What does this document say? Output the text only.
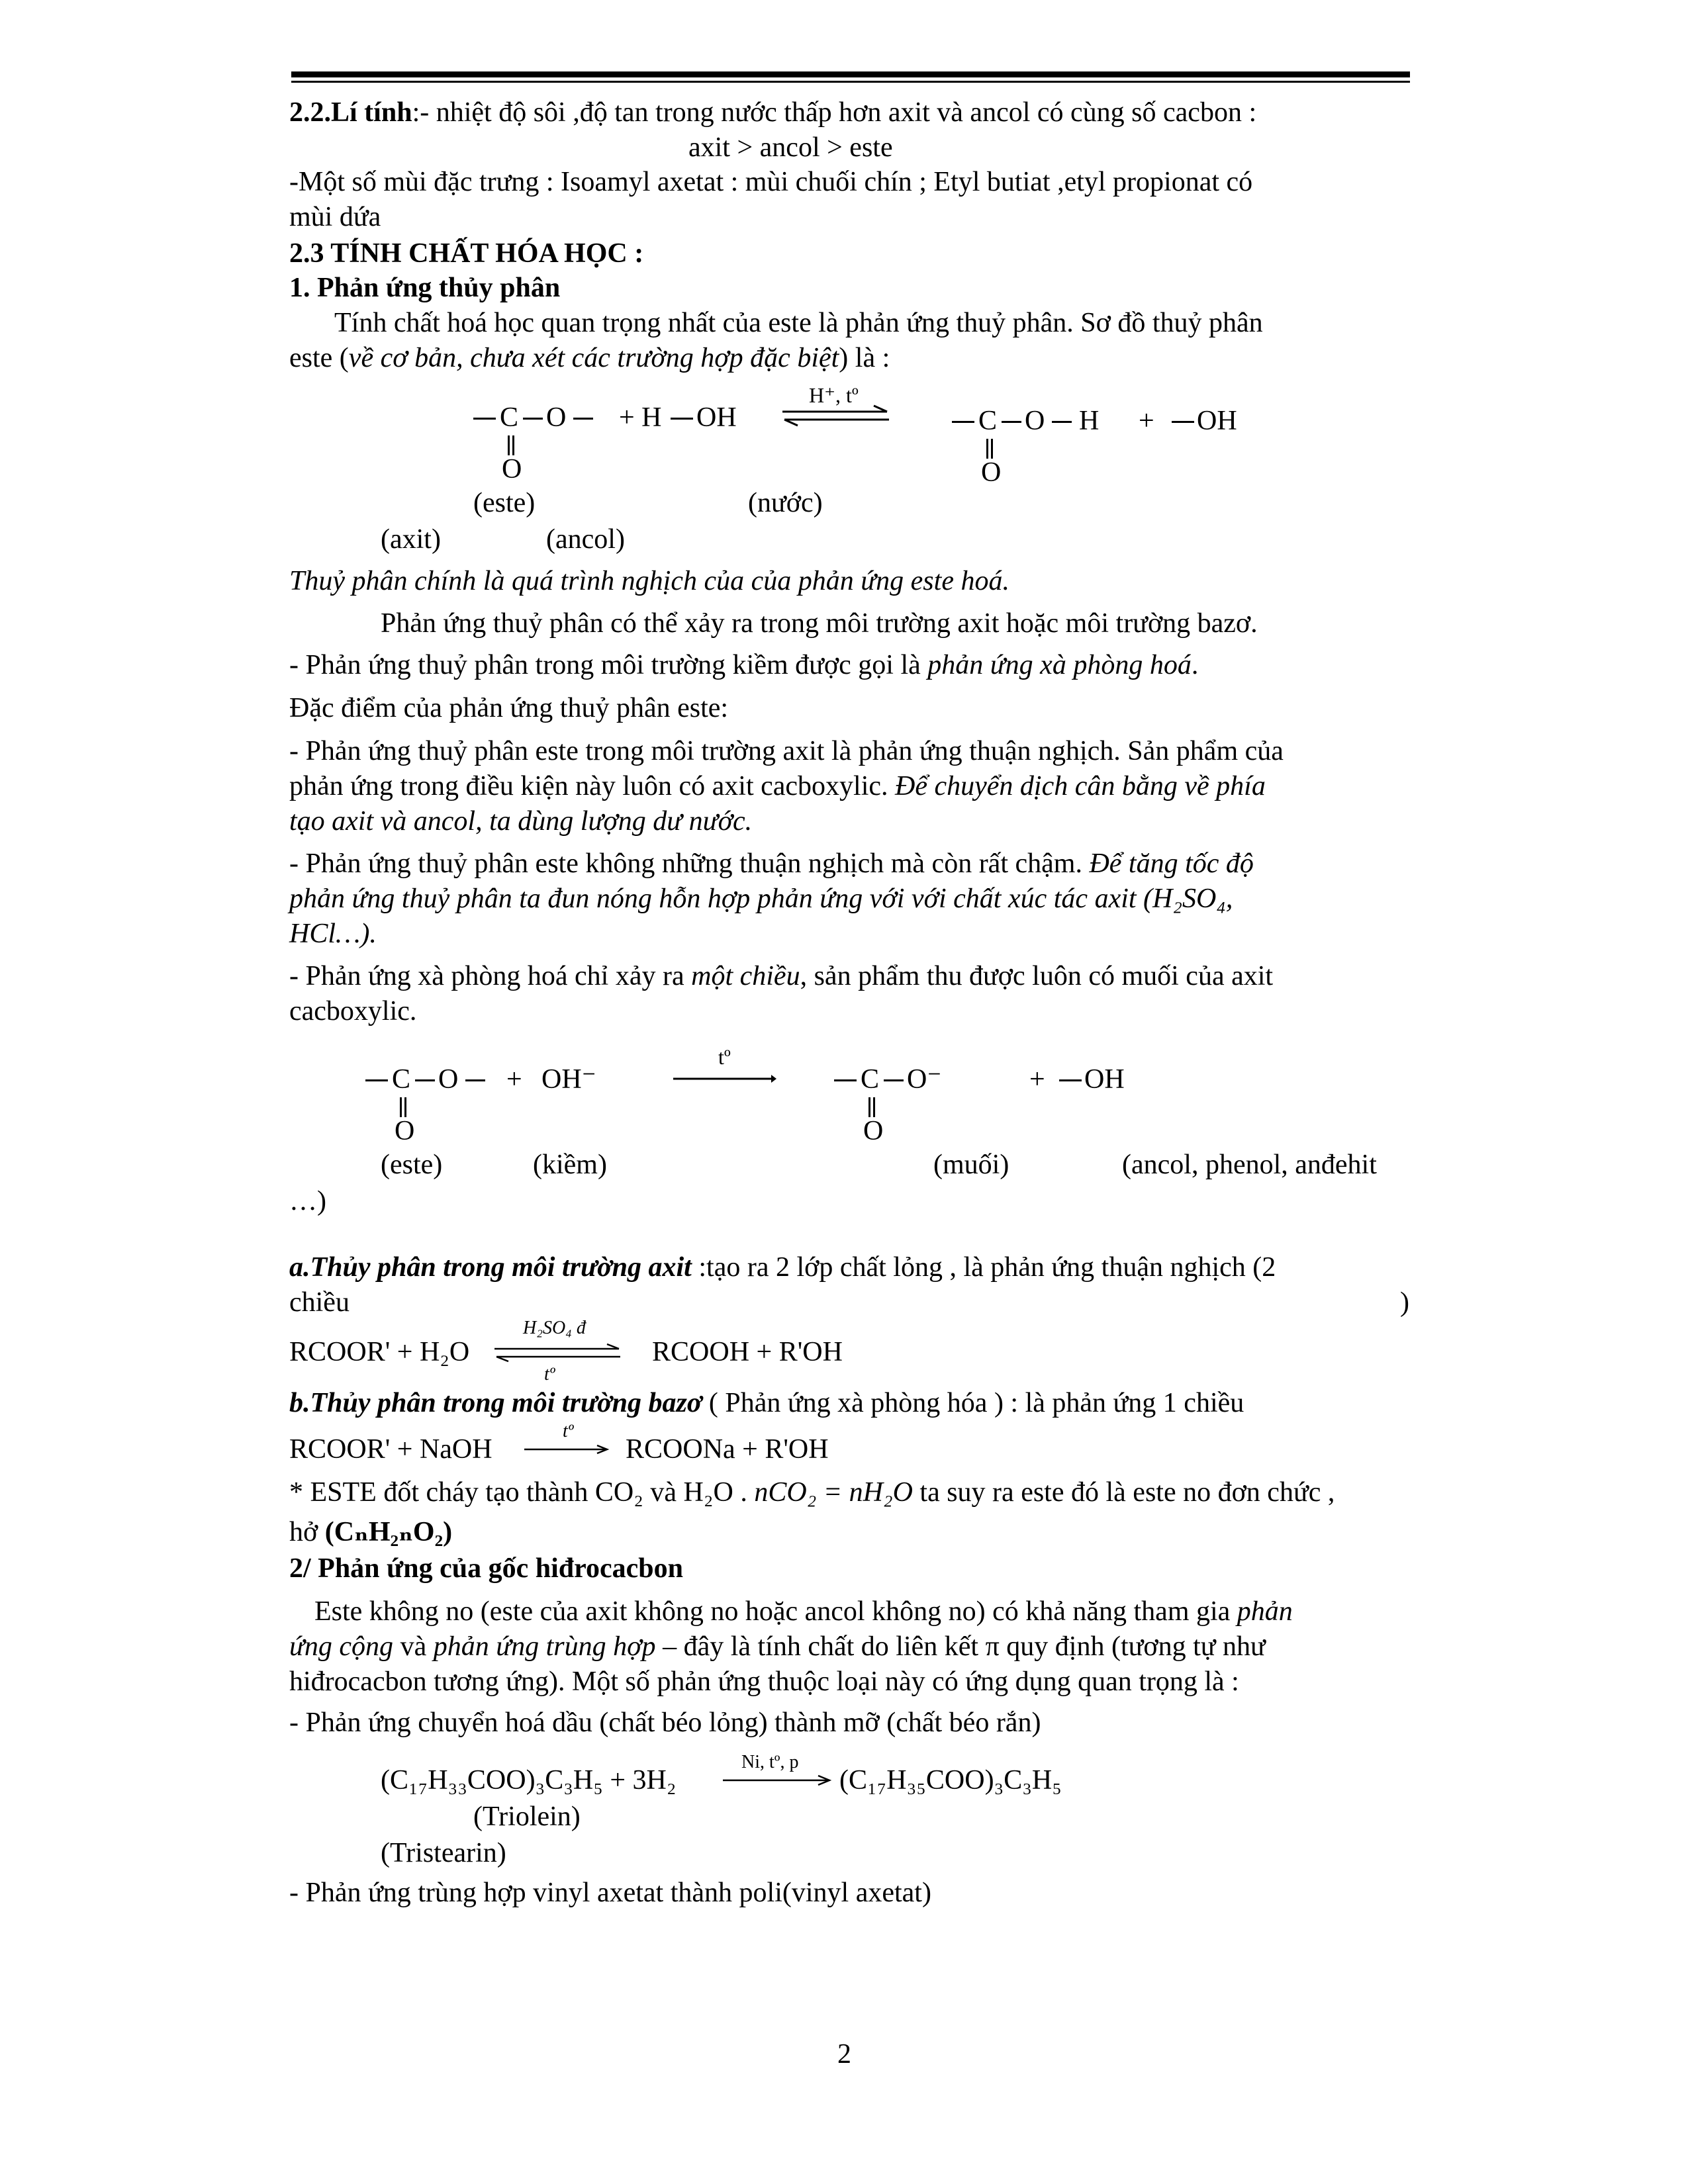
2.2.Lí tính:- nhiệt độ sôi ,độ tan trong nước thấp hơn axit và ancol có cùng số cacbon :
axit > ancol > este
-Một số mùi đặc trưng : Isoamyl axetat : mùi chuối chín ; Etyl butiat ,etyl propionat có
mùi dứa
2.3 TÍNH CHẤT HÓA HỌC :
1. Phản ứng thủy phân
Tính chất hoá học quan trọng nhất của este là phản ứng thuỷ phân. Sơ đồ thuỷ phân
este (về cơ bản, chưa xét các trường hợp đặc biệt) là :
C O + H OH
O
H⁺, tº
C O H + OH
O
(este)	(nước)
(axit)	(ancol)
Thuỷ phân chính là quá trình nghịch của của phản ứng este hoá.
Phản ứng thuỷ phân có thể xảy ra trong môi trường axit hoặc môi trường bazơ.
- Phản ứng thuỷ phân trong môi trường kiềm được gọi là phản ứng xà phòng hoá.
Đặc điểm của phản ứng thuỷ phân este:
- Phản ứng thuỷ phân este trong môi trường axit là phản ứng thuận nghịch. Sản phẩm của
phản ứng trong điều kiện này luôn có axit cacboxylic. Để chuyển dịch cân bằng về phía
tạo axit và ancol, ta dùng lượng dư nước.
- Phản ứng thuỷ phân este không những thuận nghịch mà còn rất chậm. Để tăng tốc độ
phản ứng thuỷ phân ta đun nóng hỗn hợp phản ứng với với chất xúc tác axit (H₂SO₄,
HCl…).
- Phản ứng xà phòng hoá chỉ xảy ra một chiều, sản phẩm thu được luôn có muối của axit
cacboxylic.
C O + OH⁻
O
tº
C O⁻	+ OH
O
(este)	(kiềm)	(muối)	(ancol, phenol, anđehit
…)
a.Thủy phân trong môi trường axit :tạo ra 2 lớp chất lỏng , là phản ứng thuận nghịch (2
chiều	)
RCOOR' + H₂O
H₂SO₄ đ
tº
RCOOH + R'OH
b.Thủy phân trong môi trường bazơ ( Phản ứng xà phòng hóa ) : là phản ứng 1 chiều
RCOOR' + NaOH
tº
RCOONa + R'OH
* ESTE đốt cháy tạo thành CO₂ và H₂O . nCO₂ = nH₂O ta suy ra este đó là este no đơn chức ,
hở (CₙH₂ₙO₂)
2/ Phản ứng của gốc hiđrocacbon
Este không no (este của axit không no hoặc ancol không no) có khả năng tham gia phản
ứng cộng và phản ứng trùng hợp – đây là tính chất do liên kết π quy định (tương tự như
hiđrocacbon tương ứng). Một số phản ứng thuộc loại này có ứng dụng quan trọng là :
- Phản ứng chuyển hoá dầu (chất béo lỏng) thành mỡ (chất béo rắn)
(C₁₇H₃₃COO)₃C₃H₅ + 3H₂
Ni, tº, p
(C₁₇H₃₅COO)₃C₃H₅
(Triolein)
(Tristearin)
- Phản ứng trùng hợp vinyl axetat thành poli(vinyl axetat)
2
